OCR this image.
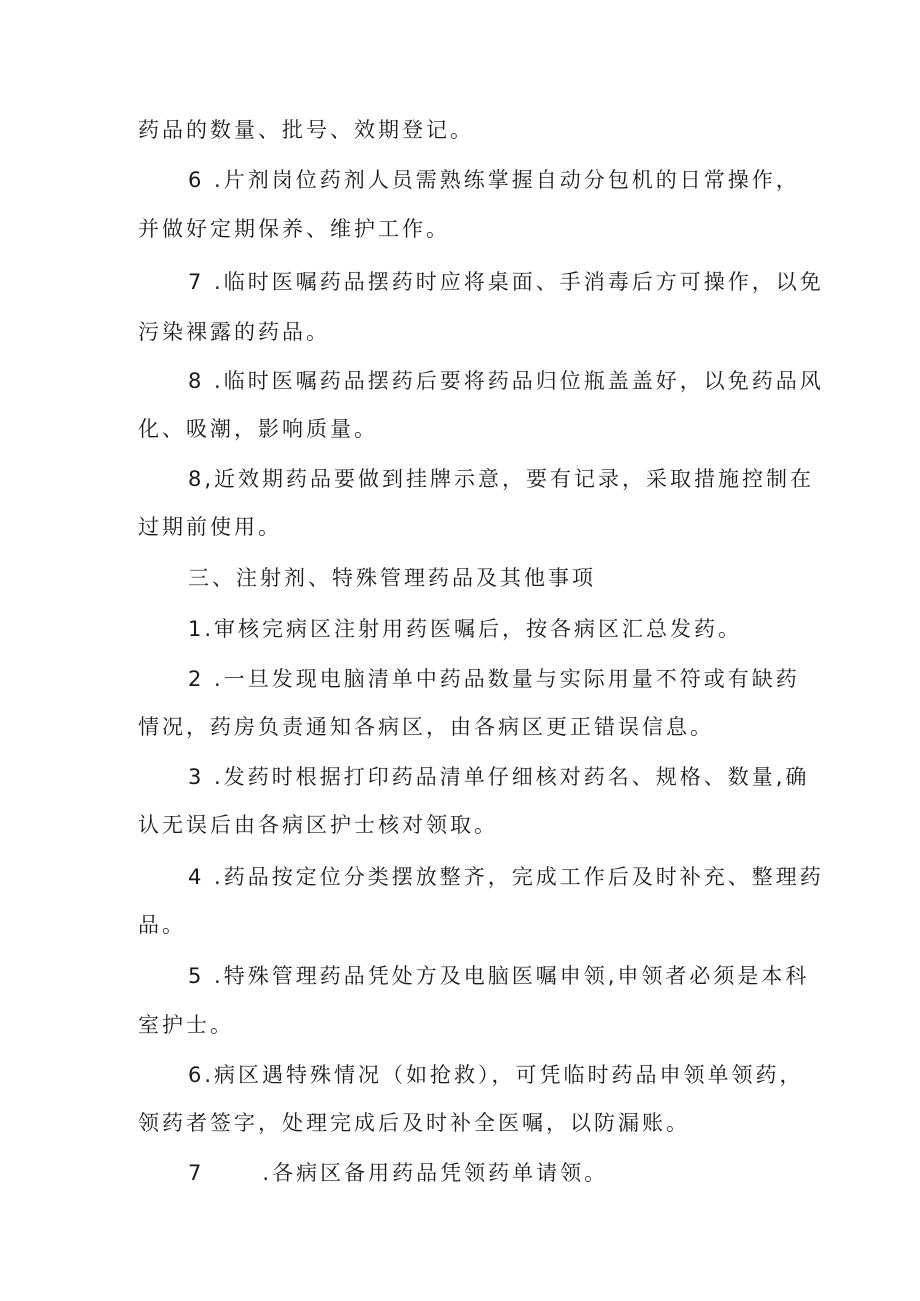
药品的数量、批号、效期登记。
6 .片剂岗位药剂人员需熟练掌握自动分包机的日常操作，
并做好定期保养、维护工作。
7 .临时医嘱药品摆药时应将桌面、手消毒后方可操作，以免
污染裸露的药品。
8 .临时医嘱药品摆药后要将药品归位瓶盖盖好，以免药品风
化、吸潮，影响质量。
8,近效期药品要做到挂牌示意，要有记录，采取措施控制在
过期前使用。
三、注射剂、特殊管理药品及其他事项
1.审核完病区注射用药医嘱后，按各病区汇总发药。
2 .一旦发现电脑清单中药品数量与实际用量不符或有缺药
情况，药房负责通知各病区，由各病区更正错误信息。
3 .发药时根据打印药品清单仔细核对药名、规格、数量,确
认无误后由各病区护士核对领取。
4 .药品按定位分类摆放整齐，完成工作后及时补充、整理药
品。
5 .特殊管理药品凭处方及电脑医嘱申领,申领者必须是本科
室护士。
6.病区遇特殊情况（如抢救），可凭临时药品申领单领药，
领药者签字，处理完成后及时补全医嘱，以防漏账。
7      .各病区备用药品凭领药单请领。
